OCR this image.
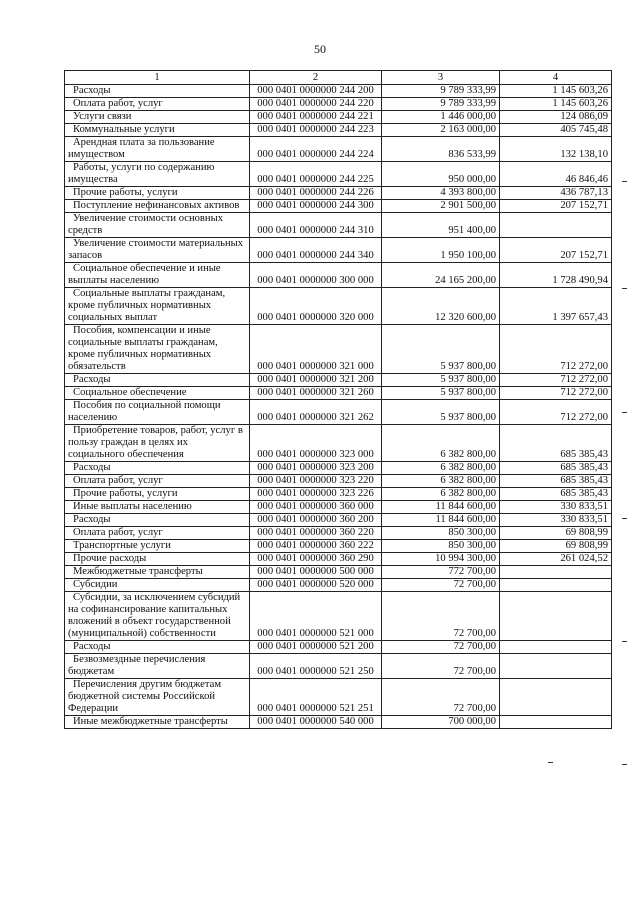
50
1	2	3	4
Расходы	000 0401 0000000 244 200	9 789 333,99	1 145 603,26
Оплата работ, услуг	000 0401 0000000 244 220	9 789 333,99	1 145 603,26
Услуги связи	000 0401 0000000 244 221	1 446 000,00	124 086,09
Коммунальные услуги	000 0401 0000000 244 223	2 163 000,00	405 745,48
Арендная плата за пользование имуществом	000 0401 0000000 244 224	836 533,99	132 138,10
Работы, услуги по содержанию имущества	000 0401 0000000 244 225	950 000,00	46 846,46
Прочие работы, услуги	000 0401 0000000 244 226	4 393 800,00	436 787,13
Поступление нефинансовых активов	000 0401 0000000 244 300	2 901 500,00	207 152,71
Увеличение стоимости основных средств	000 0401 0000000 244 310	951 400,00	
Увеличение стоимости материальных запасов	000 0401 0000000 244 340	1 950 100,00	207 152,71
Социальное обеспечение и иные выплаты населению	000 0401 0000000 300 000	24 165 200,00	1 728 490,94
Социальные выплаты гражданам, кроме публичных нормативных социальных выплат	000 0401 0000000 320 000	12 320 600,00	1 397 657,43
Пособия, компенсации и иные социальные выплаты гражданам, кроме публичных нормативных обязательств	000 0401 0000000 321 000	5 937 800,00	712 272,00
Расходы	000 0401 0000000 321 200	5 937 800,00	712 272,00
Социальное обеспечение	000 0401 0000000 321 260	5 937 800,00	712 272,00
Пособия по социальной помощи населению	000 0401 0000000 321 262	5 937 800,00	712 272,00
Приобретение товаров, работ, услуг в пользу граждан в целях их социального обеспечения	000 0401 0000000 323 000	6 382 800,00	685 385,43
Расходы	000 0401 0000000 323 200	6 382 800,00	685 385,43
Оплата работ, услуг	000 0401 0000000 323 220	6 382 800,00	685 385,43
Прочие работы, услуги	000 0401 0000000 323 226	6 382 800,00	685 385,43
Иные выплаты населению	000 0401 0000000 360 000	11 844 600,00	330 833,51
Расходы	000 0401 0000000 360 200	11 844 600,00	330 833,51
Оплата работ, услуг	000 0401 0000000 360 220	850 300,00	69 808,99
Транспортные услуги	000 0401 0000000 360 222	850 300,00	69 808,99
Прочие расходы	000 0401 0000000 360 290	10 994 300,00	261 024,52
Межбюджетные трансферты	000 0401 0000000 500 000	772 700,00	
Субсидии	000 0401 0000000 520 000	72 700,00	
Субсидии, за исключением субсидий на софинансирование капитальных вложений в объект государственной (муниципальной) собственности	000 0401 0000000 521 000	72 700,00	
Расходы	000 0401 0000000 521 200	72 700,00	
Безвозмездные перечисления бюджетам	000 0401 0000000 521 250	72 700,00	
Перечисления другим бюджетам бюджетной системы Российской Федерации	000 0401 0000000 521 251	72 700,00	
Иные межбюджетные трансферты	000 0401 0000000 540 000	700 000,00	
